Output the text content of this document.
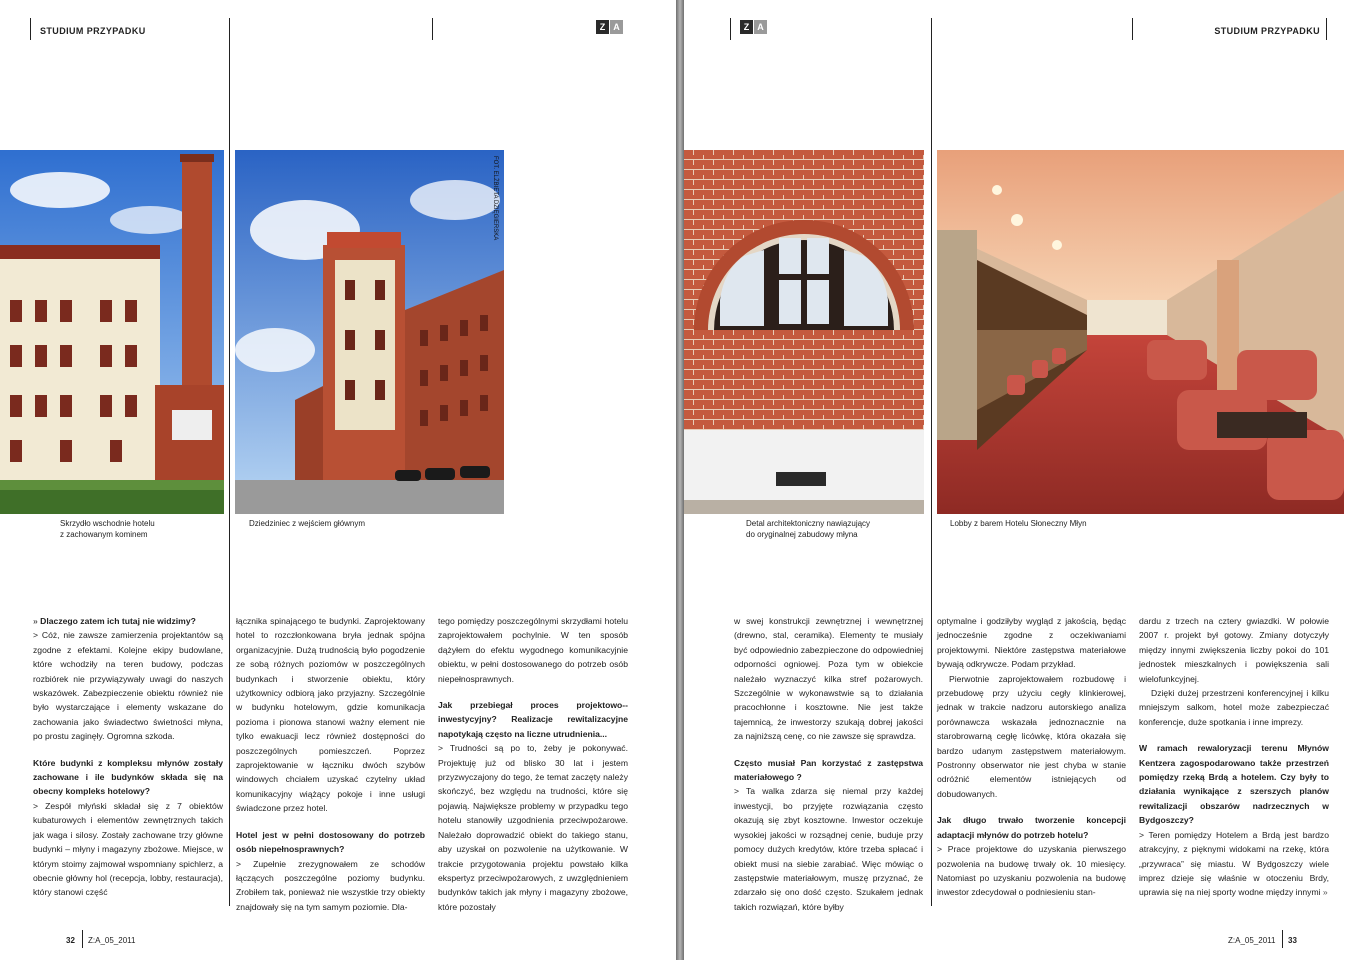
STUDIUM PRZYPADKU	Z A
Skrzydło wschodnie hotelu
z zachowanym kominem
FOT. ELŻBIETA DZIĘGIERSKA
Dziedziniec z wejściem głównym

» Dlaczego zatem ich tutaj nie widzimy?

> Cóż, nie zawsze zamierzenia projektantów są zgodne z efektami. Kolejne ekipy budowlane, które wchodziły na teren budowy, podczas rozbiórek nie przywiązywały uwagi do naszych wskazówek. Zabezpieczenie obiektu również nie było wystarczające i elementy wskazane do zachowania jako świadectwo świetności młyna, po prostu zaginęły. Ogromna szkoda.

Które budynki z kompleksu młynów zostały zachowane i ile budynków składa się na obecny kompleks hotelowy?

> Zespół młyński składał się z 7 obiektów kubaturowych i elementów zewnętrznych takich jak waga i silosy. Zostały zachowane trzy główne budynki – młyny i magazyny zbożowe. Miejsce, w którym stoimy zajmował wspomniany spichlerz, a obecnie główny hol (recepcja, lobby, restauracja), który stanowi część

łącznika spinającego te budynki. Zaprojektowany hotel to rozczłonkowana bryła jednak spójna organizacyjnie. Dużą trudnością było pogodzenie ze sobą różnych poziomów w poszczególnych budynkach i stworzenie obiektu, który użytkownicy odbiorą jako przyjazny. Szczególnie w budynku hotelowym, gdzie komunikacja pozioma i pionowa stanowi ważny element nie tylko ewakuacji lecz również dostępności do poszczególnych pomieszczeń. Poprzez zaprojektowanie w łączniku dwóch szybów windowych chciałem uzyskać czytelny układ komunikacyjny wiążący pokoje i inne usługi świadczone przez hotel.

Hotel jest w pełni dostosowany do potrzeb osób niepełnosprawnych?

> Zupełnie zrezygnowałem ze schodów łączących poszczególne poziomy budynku. Zrobiłem tak, ponieważ nie wszystkie trzy obiekty znajdowały się na tym samym poziomie. Dla-

tego pomiędzy poszczególnymi skrzydłami hotelu zaprojektowałem pochylnie. W ten sposób dążyłem do efektu wygodnego komunikacyjnie obiektu, w pełni dostosowanego do potrzeb osób niepełnosprawnych.

Jak przebiegał proces projektowo--inwestycyjny? Realizacje rewitalizacyjne napotykają często na liczne utrudnienia...

> Trudności są po to, żeby je pokonywać. Projektuję już od blisko 30 lat i jestem przyzwyczajony do tego, że temat zaczęty należy skończyć, bez względu na trudności, które się pojawią. Największe problemy w przypadku tego hotelu stanowiły uzgodnienia przeciwpożarowe. Należało doprowadzić obiekt do takiego stanu, aby uzyskał on pozwolenie na użytkowanie. W trakcie przygotowania projektu powstało kilka ekspertyz przeciwpożarowych, z uwzględnieniem budynków takich jak młyny i magazyny zbożowe, które pozostały

32 Z:A_05_2011
Z A	STUDIUM PRZYPADKU
Detal architektoniczny nawiązujący
do oryginalnej zabudowy młyna
Lobby z barem Hotelu Słoneczny Młyn

w swej konstrukcji zewnętrznej i wewnętrznej (drewno, stal, ceramika). Elementy te musiały być odpowiednio zabezpieczone do odpowiedniej odporności ogniowej. Poza tym w obiekcie należało wyznaczyć kilka stref pożarowych. Szczególnie w wykonawstwie są to działania pracochłonne i kosztowne. Nie jest także tajemnicą, że inwestorzy szukają dobrej jakości za najniższą cenę, co nie zawsze się sprawdza.

Często musiał Pan korzystać z zastępstwa materiałowego ?

> Ta walka zdarza się niemal przy każdej inwestycji, bo przyjęte rozwiązania często okazują się zbyt kosztowne. Inwestor oczekuje wysokiej jakości w rozsądnej cenie, buduje przy pomocy dużych kredytów, które trzeba spłacać i obiekt musi na siebie zarabiać. Więc mówiąc o zastępstwie materiałowym, muszę przyznać, że zdarzało się ono dość często. Szukałem jednak takich rozwiązań, które byłby

optymalne i godziłyby wygląd z jakością, będąc jednocześnie zgodne z oczekiwaniami projektowymi. Niektóre zastępstwa materiałowe bywają odkrywcze. Podam przykład.

Pierwotnie zaprojektowałem rozbudowę i przebudowę przy użyciu cegły klinkierowej, jednak w trakcie nadzoru autorskiego analiza porównawcza wskazała jednoznacznie na starobrowarną cegłę licówkę, która okazała się bardzo udanym zastępstwem materiałowym. Postronny obserwator nie jest chyba w stanie odróżnić elementów istniejących od dobudowanych.

Jak długo trwało tworzenie koncepcji adaptacji młynów do potrzeb hotelu?

> Prace projektowe do uzyskania pierwszego pozwolenia na budowę trwały ok. 10 miesięcy. Natomiast po uzyskaniu pozwolenia na budowę inwestor zdecydował o podniesieniu stan-

dardu z trzech na cztery gwiazdki. W połowie 2007 r. projekt był gotowy. Zmiany dotyczyły między innymi zwiększenia liczby pokoi do 101 jednostek mieszkalnych i powiększenia sali wielofunkcyjnej.

Dzięki dużej przestrzeni konferencyjnej i kilku mniejszym salkom, hotel może zabezpieczać konferencje, duże spotkania i inne imprezy.

W ramach rewaloryzacji terenu Młynów Kentzera zagospodarowano także przestrzeń pomiędzy rzeką Brdą a hotelem. Czy były to działania wynikające z szerszych planów rewitalizacji obszarów nadrzecznych w Bydgoszczy?

> Teren pomiędzy Hotelem a Brdą jest bardzo atrakcyjny, z pięknymi widokami na rzekę, która „przywraca” się miastu. W Bydgoszczy wiele imprez dzieje się właśnie w otoczeniu Brdy, uprawia się na niej sporty wodne między innymi »

Z:A_05_2011 33
